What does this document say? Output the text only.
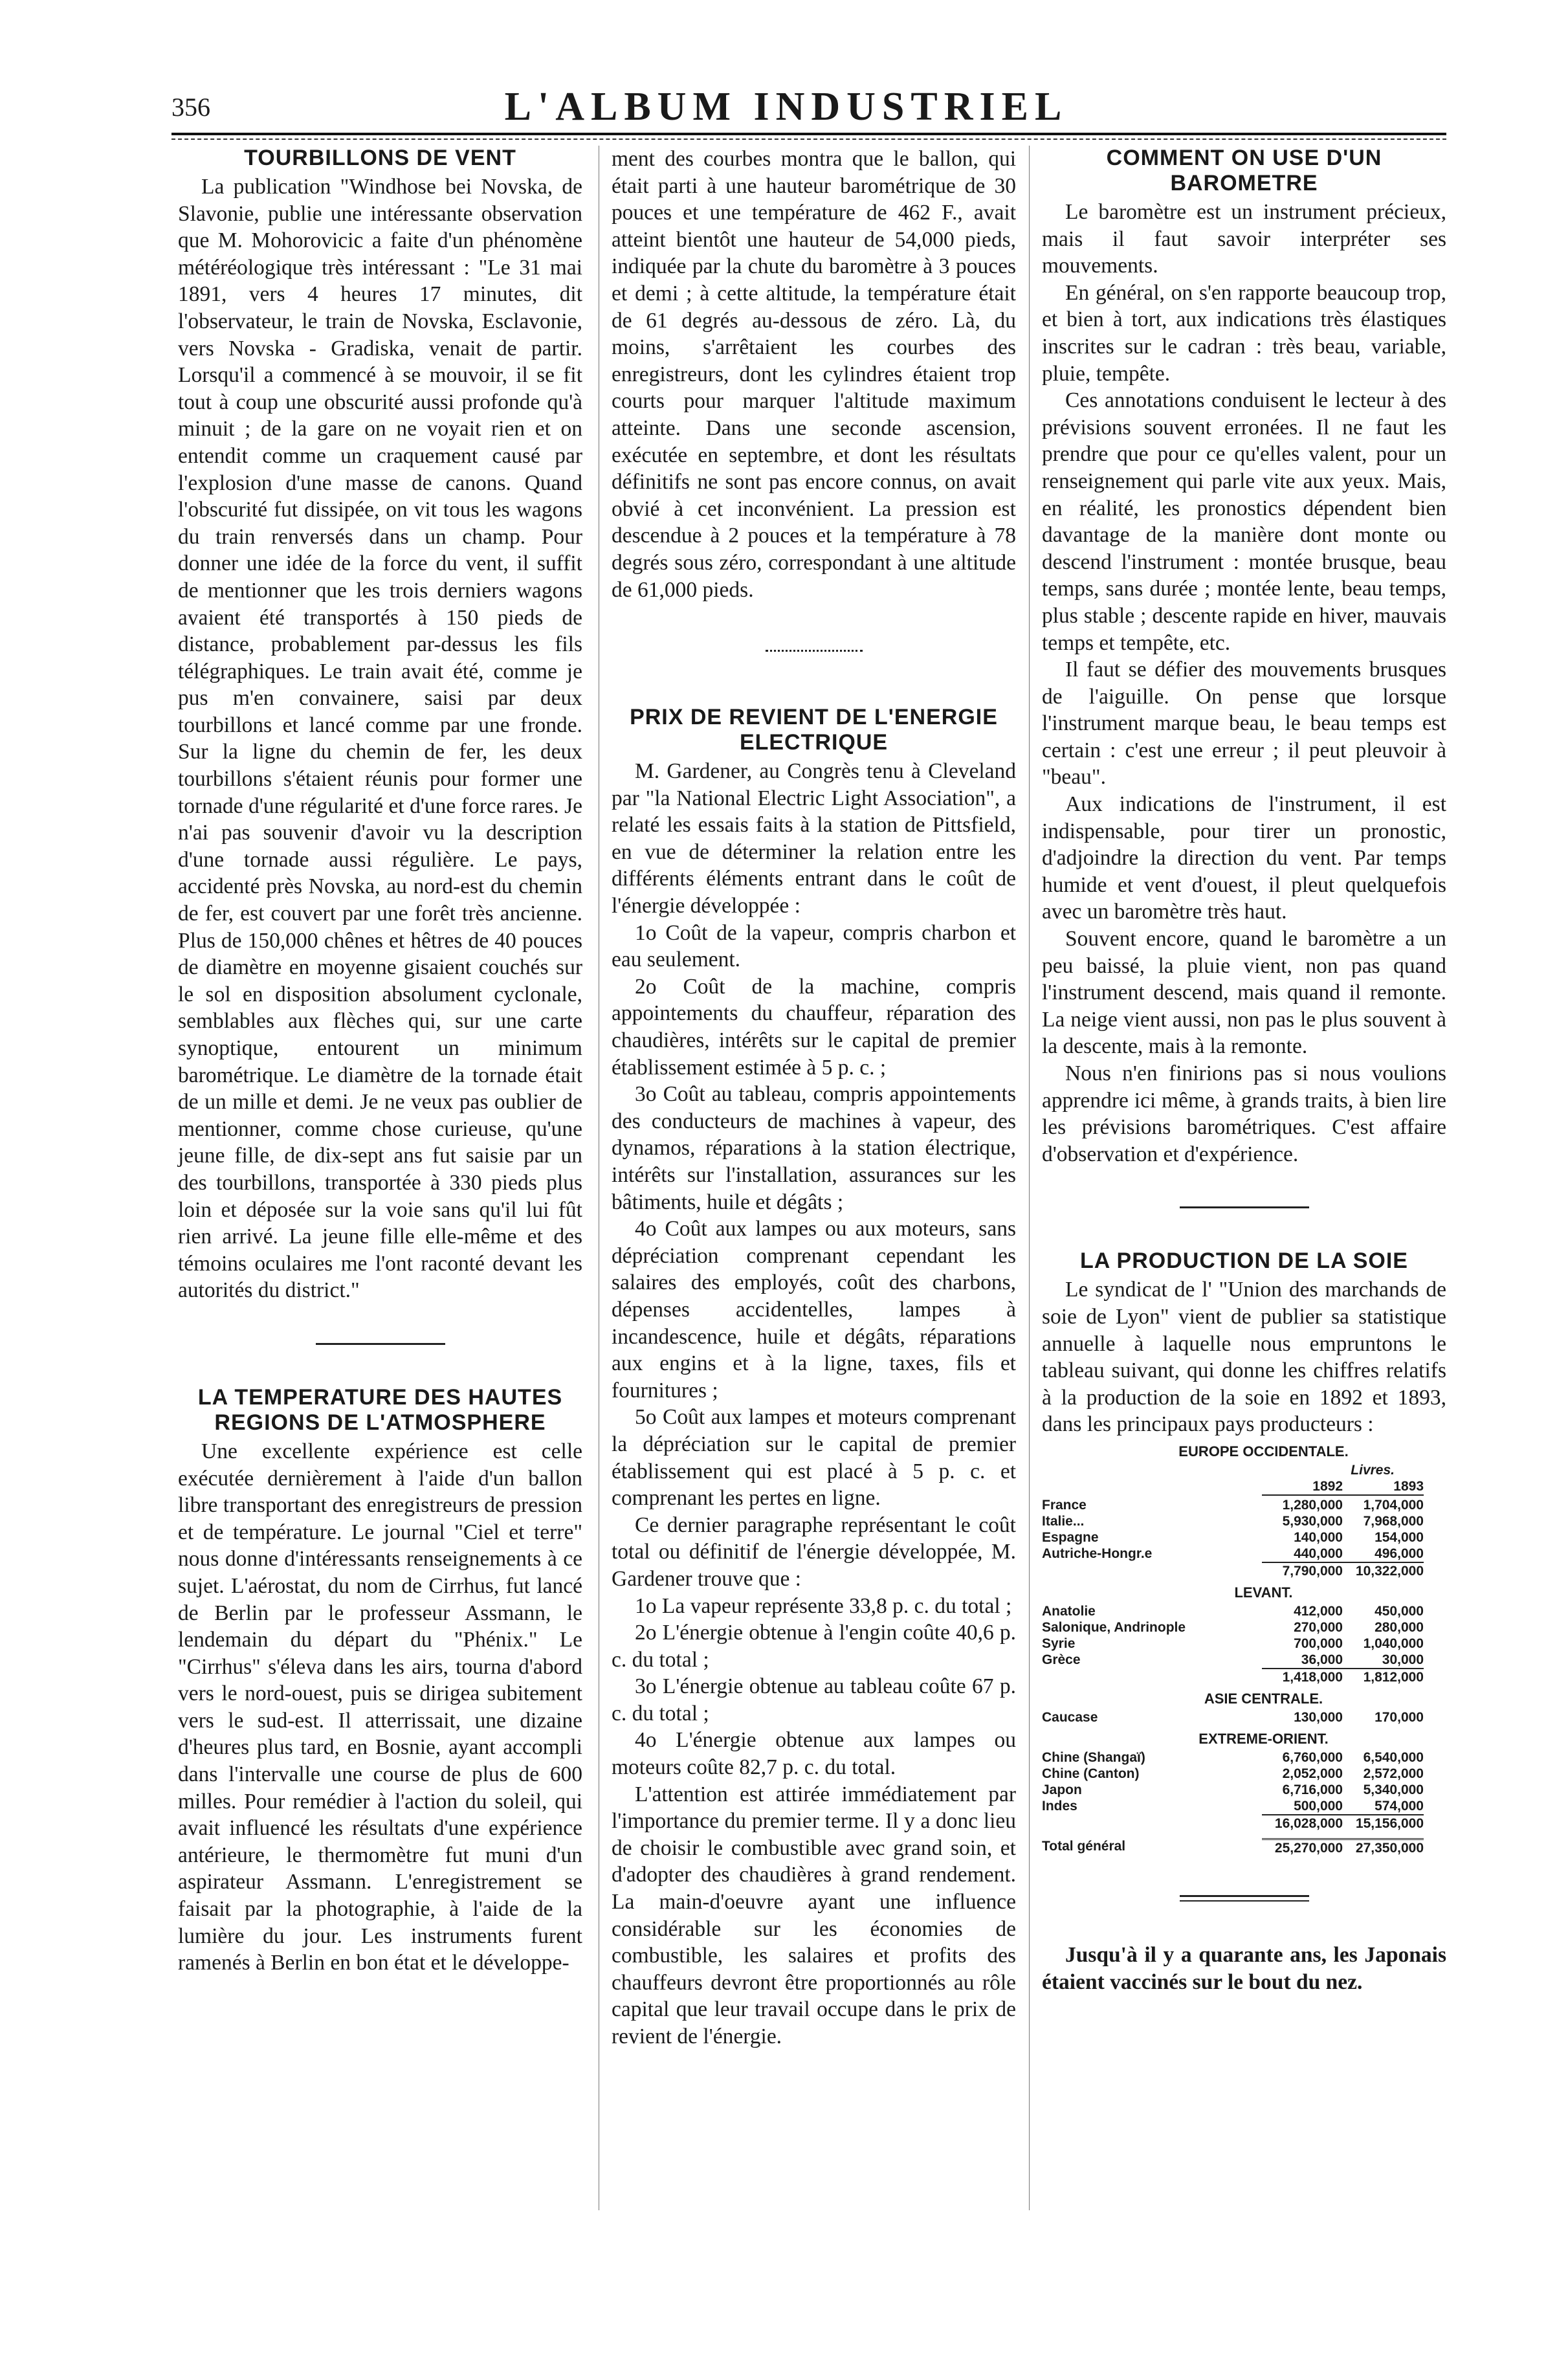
356	L'ALBUM INDUSTRIEL
TOURBILLONS DE VENT

La publication "Windhose bei Novska, de Slavonie, publie une intéressante observation que M. Mohorovicic a faite d'un phénomène météréologique très intéressant : "Le 31 mai 1891, vers 4 heures 17 minutes, dit l'observateur, le train de Novska, Esclavonie, vers Novska - Gradiska, venait de partir. Lorsqu'il a commencé à se mouvoir, il se fit tout à coup une obscurité aussi profonde qu'à minuit ; de la gare on ne voyait rien et on entendit comme un craquement causé par l'explosion d'une masse de canons. Quand l'obscurité fut dissipée, on vit tous les wagons du train renversés dans un champ. Pour donner une idée de la force du vent, il suffit de mentionner que les trois derniers wagons avaient été transportés à 150 pieds de distance, probablement par-dessus les fils télégraphiques. Le train avait été, comme je pus m'en convainere, saisi par deux tourbillons et lancé comme par une fronde. Sur la ligne du chemin de fer, les deux tourbillons s'étaient réunis pour former une tornade d'une régularité et d'une force rares. Je n'ai pas souvenir d'avoir vu la description d'une tornade aussi régulière. Le pays, accidenté près Novska, au nord-est du chemin de fer, est couvert par une forêt très ancienne. Plus de 150,000 chênes et hêtres de 40 pouces de diamètre en moyenne gisaient couchés sur le sol en disposition absolument cyclonale, semblables aux flèches qui, sur une carte synoptique, entourent un minimum barométrique. Le diamètre de la tornade était de un mille et demi. Je ne veux pas oublier de mentionner, comme chose curieuse, qu'une jeune fille, de dix-sept ans fut saisie par un des tourbillons, transportée à 330 pieds plus loin et déposée sur la voie sans qu'il lui fût rien arrivé. La jeune fille elle-même et des témoins oculaires me l'ont raconté devant les autorités du district."

LA TEMPERATURE DES HAUTES REGIONS DE L'ATMOSPHERE

Une excellente expérience est celle exécutée dernièrement à l'aide d'un ballon libre transportant des enregistreurs de pression et de température. Le journal "Ciel et terre" nous donne d'intéressants renseignements à ce sujet. L'aérostat, du nom de Cirrhus, fut lancé de Berlin par le professeur Assmann, le lendemain du départ du "Phénix." Le "Cirrhus" s'éleva dans les airs, tourna d'abord vers le nord-ouest, puis se dirigea subitement vers le sud-est. Il atterrissait, une dizaine d'heures plus tard, en Bosnie, ayant accompli dans l'intervalle une course de plus de 600 milles. Pour remédier à l'action du soleil, qui avait influencé les résultats d'une expérience antérieure, le thermomètre fut muni d'un aspirateur Assmann. L'enregistrement se faisait par la photographie, à l'aide de la lumière du jour. Les instruments furent ramenés à Berlin en bon état et le développe-

ment des courbes montra que le ballon, qui était parti à une hauteur barométrique de 30 pouces et une température de 462 F., avait atteint bientôt une hauteur de 54,000 pieds, indiquée par la chute du baromètre à 3 pouces et demi ; à cette altitude, la température était de 61 degrés au-dessous de zéro. Là, du moins, s'arrêtaient les courbes des enregistreurs, dont les cylindres étaient trop courts pour marquer l'altitude maximum atteinte. Dans une seconde ascension, exécutée en septembre, et dont les résultats définitifs ne sont pas encore connus, on avait obvié à cet inconvénient. La pression est descendue à 2 pouces et la température à 78 degrés sous zéro, correspondant à une altitude de 61,000 pieds.

PRIX DE REVIENT DE L'ENERGIE ELECTRIQUE

M. Gardener, au Congrès tenu à Cleveland par "la National Electric Light Association", a relaté les essais faits à la station de Pittsfield, en vue de déterminer la relation entre les différents éléments entrant dans le coût de l'énergie développée :

1o Coût de la vapeur, compris charbon et eau seulement.

2o Coût de la machine, compris appointements du chauffeur, réparation des chaudières, intérêts sur le capital de premier établissement estimée à 5 p. c. ;

3o Coût au tableau, compris appointements des conducteurs de machines à vapeur, des dynamos, réparations à la station électrique, intérêts sur l'installation, assurances sur les bâtiments, huile et dégâts ;

4o Coût aux lampes ou aux moteurs, sans dépréciation comprenant cependant les salaires des employés, coût des charbons, dépenses accidentelles, lampes à incandescence, huile et dégâts, réparations aux engins et à la ligne, taxes, fils et fournitures ;

5o Coût aux lampes et moteurs comprenant la dépréciation sur le capital de premier établissement qui est placé à 5 p. c. et comprenant les pertes en ligne.

Ce dernier paragraphe représentant le coût total ou définitif de l'énergie développée, M. Gardener trouve que :

1o La vapeur représente 33,8 p. c. du total ;

2o L'énergie obtenue à l'engin coûte 40,6 p. c. du total ;

3o L'énergie obtenue au tableau coûte 67 p. c. du total ;

4o L'énergie obtenue aux lampes ou moteurs coûte 82,7 p. c. du total.

L'attention est attirée immédiatement par l'importance du premier terme. Il y a donc lieu de choisir le combustible avec grand soin, et d'adopter des chaudières à grand rendement. La main-d'oeuvre ayant une influence considérable sur les économies de combustible, les salaires et profits des chauffeurs devront être proportionnés au rôle capital que leur travail occupe dans le prix de revient de l'énergie.

COMMENT ON USE D'UN BAROMETRE

Le baromètre est un instrument précieux, mais il faut savoir interpréter ses mouvements.

En général, on s'en rapporte beaucoup trop, et bien à tort, aux indications très élastiques inscrites sur le cadran : très beau, variable, pluie, tempête.

Ces annotations conduisent le lecteur à des prévisions souvent erronées. Il ne faut les prendre que pour ce qu'elles valent, pour un renseignement qui parle vite aux yeux. Mais, en réalité, les pronostics dépendent bien davantage de la manière dont monte ou descend l'instrument : montée brusque, beau temps, sans durée ; montée lente, beau temps, plus stable ; descente rapide en hiver, mauvais temps et tempête, etc.

Il faut se défier des mouvements brusques de l'aiguille. On pense que lorsque l'instrument marque beau, le beau temps est certain : c'est une erreur ; il peut pleuvoir à "beau".

Aux indications de l'instrument, il est indispensable, pour tirer un pronostic, d'adjoindre la direction du vent. Par temps humide et vent d'ouest, il pleut quelquefois avec un baromètre très haut.

Souvent encore, quand le baromètre a un peu baissé, la pluie vient, non pas quand l'instrument descend, mais quand il remonte. La neige vient aussi, non pas le plus souvent à la descente, mais à la remonte.

Nous n'en finirions pas si nous voulions apprendre ici même, à grands traits, à bien lire les prévisions barométriques. C'est affaire d'observation et d'expérience.

LA PRODUCTION DE LA SOIE

Le syndicat de l' "Union des marchands de soie de Lyon" vient de publier sa statistique annuelle à laquelle nous empruntons le tableau suivant, qui donne les chiffres relatifs à la production de la soie en 1892 et 1893, dans les principaux pays producteurs :

EUROPE OCCIDENTALE.
Livres.
1892	1893
France	1,280,000	1,704,000
Italie...	5,930,000	7,968,000
Espagne	140,000	154,000
Autriche-Hongr.e	440,000	496,000
7,790,000 10,322,000
LEVANT.
Anatolie	412,000	450,000
Salonique, Andrinople	270,000	280,000
Syrie	700,000	1,040,000
Grèce	36,000	30,000
1,418,000	1,812,000
ASIE CENTRALE.
Caucase	130,000	170,000
EXTREME-ORIENT.
Chine (Shangaï)	6,760,000	6,540,000
Chine (Canton)	2,052,000	2,572,000
Japon	6,716,000	5,340,000
Indes	500,000	574,000
16,028,000 15,156,000
Total général	25,270,000 27,350,000

Jusqu'à il y a quarante ans, les Japonais étaient vaccinés sur le bout du nez.
